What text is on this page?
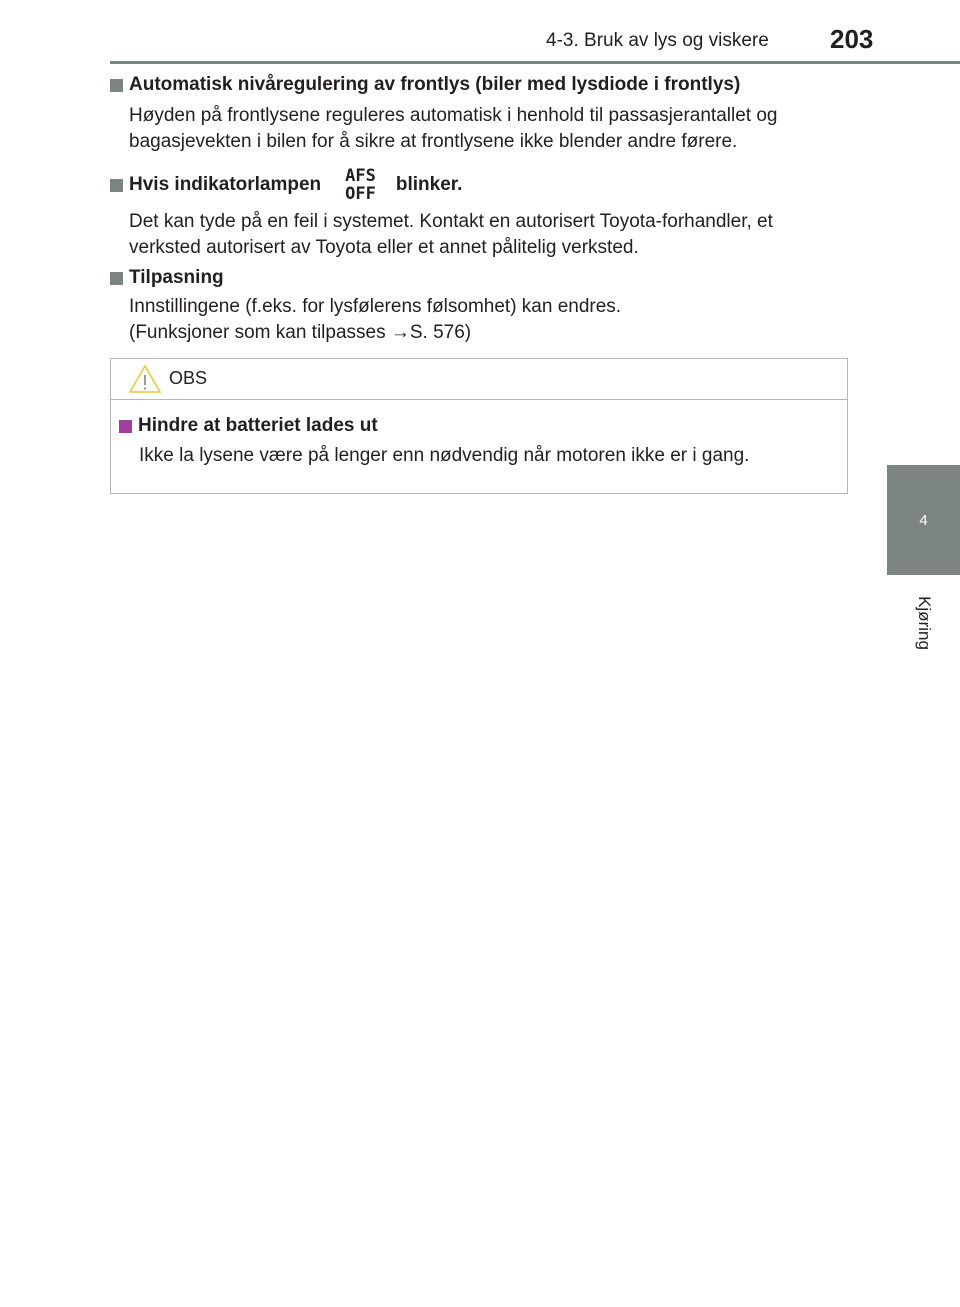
4-3. Bruk av lys og viskere 203
4
Kjøring
Automatisk nivåregulering av frontlys (biler med lysdiode i frontlys)
Høyden på frontlysene reguleres automatisk i henhold til passasjerantallet og
bagasjevekten i bilen for å sikre at frontlysene ikke blender andre førere.
Hvis indikatorlampen AFS
OFF blinker.
Det kan tyde på en feil i systemet. Kontakt en autorisert Toyota-forhandler, et
verksted autorisert av Toyota eller et annet pålitelig verksted.
Tilpasning
Innstillingene (f.eks. for lysfølerens følsomhet) kan endres.
(Funksjoner som kan tilpasses →S. 576)
OBS
Hindre at batteriet lades ut
Ikke la lysene være på lenger enn nødvendig når motoren ikke er i gang.
